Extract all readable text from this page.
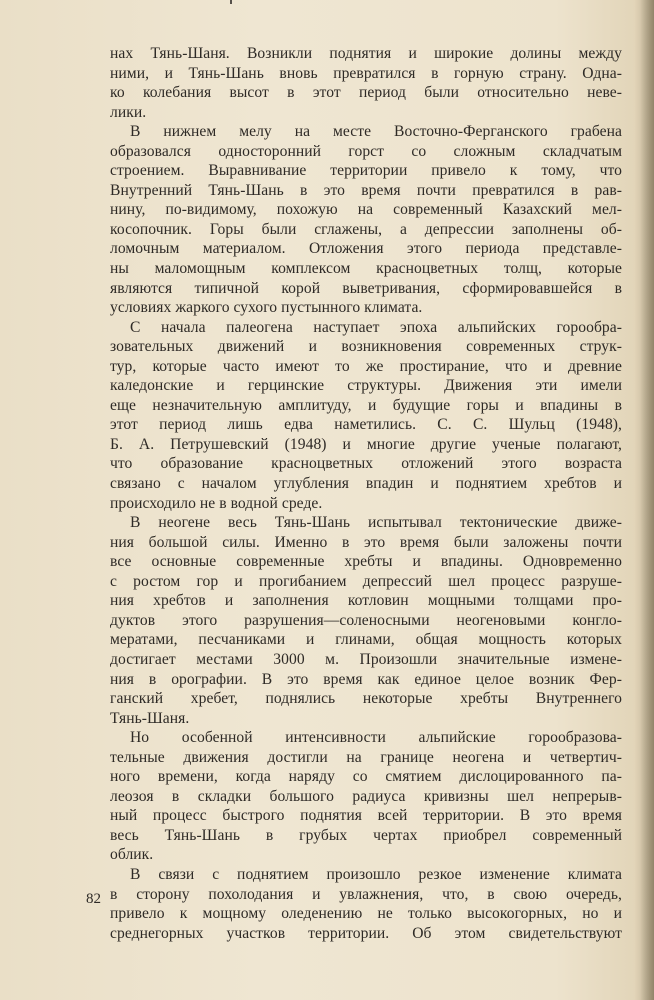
нах Тянь-Шаня. Возникли поднятия и широкие долины между
ними, и Тянь-Шань вновь превратился в горную страну. Одна-
ко колебания высот в этот период были относительно неве-
лики.
В нижнем мелу на месте Восточно-Ферганского грабена
образовался односторонний горст со сложным складчатым
строением. Выравнивание территории привело к тому, что
Внутренний Тянь-Шань в это время почти превратился в рав-
нину, по-видимому, похожую на современный Казахский мел-
косопочник. Горы были сглажены, а депрессии заполнены об-
ломочным материалом. Отложения этого периода представле-
ны маломощным комплексом красноцветных толщ, которые
являются типичной корой выветривания, сформировавшейся в
условиях жаркого сухого пустынного климата.
С начала палеогена наступает эпоха альпийских горообра-
зовательных движений и возникновения современных струк-
тур, которые часто имеют то же простирание, что и древние
каледонские и герцинские структуры. Движения эти имели
еще незначительную амплитуду, и будущие горы и впадины в
этот период лишь едва наметились. С. С. Шульц (1948),
Б. А. Петрушевский (1948) и многие другие ученые полагают,
что образование красноцветных отложений этого возраста
связано с началом углубления впадин и поднятием хребтов и
происходило не в водной среде.
В неогене весь Тянь-Шань испытывал тектонические движе-
ния большой силы. Именно в это время были заложены почти
все основные современные хребты и впадины. Одновременно
с ростом гор и прогибанием депрессий шел процесс разруше-
ния хребтов и заполнения котловин мощными толщами про-
дуктов этого разрушения—соленосными неогеновыми конгло-
мератами, песчаниками и глинами, общая мощность которых
достигает местами 3000 м. Произошли значительные измене-
ния в орографии. В это время как единое целое возник Фер-
ганский хребет, поднялись некоторые хребты Внутреннего
Тянь-Шаня.
Но особенной интенсивности альпийские горообразова-
тельные движения достигли на границе неогена и четвертич-
ного времени, когда наряду со смятием дислоцированного па-
леозоя в складки большого радиуса кривизны шел непрерыв-
ный процесс быстрого поднятия всей территории. В это время
весь Тянь-Шань в грубых чертах приобрел современный
облик.
В связи с поднятием произошло резкое изменение климата
в сторону похолодания и увлажнения, что, в свою очередь,
привело к мощному оледенению не только высокогорных, но и
среднегорных участков территории. Об этом свидетельствуют
82
